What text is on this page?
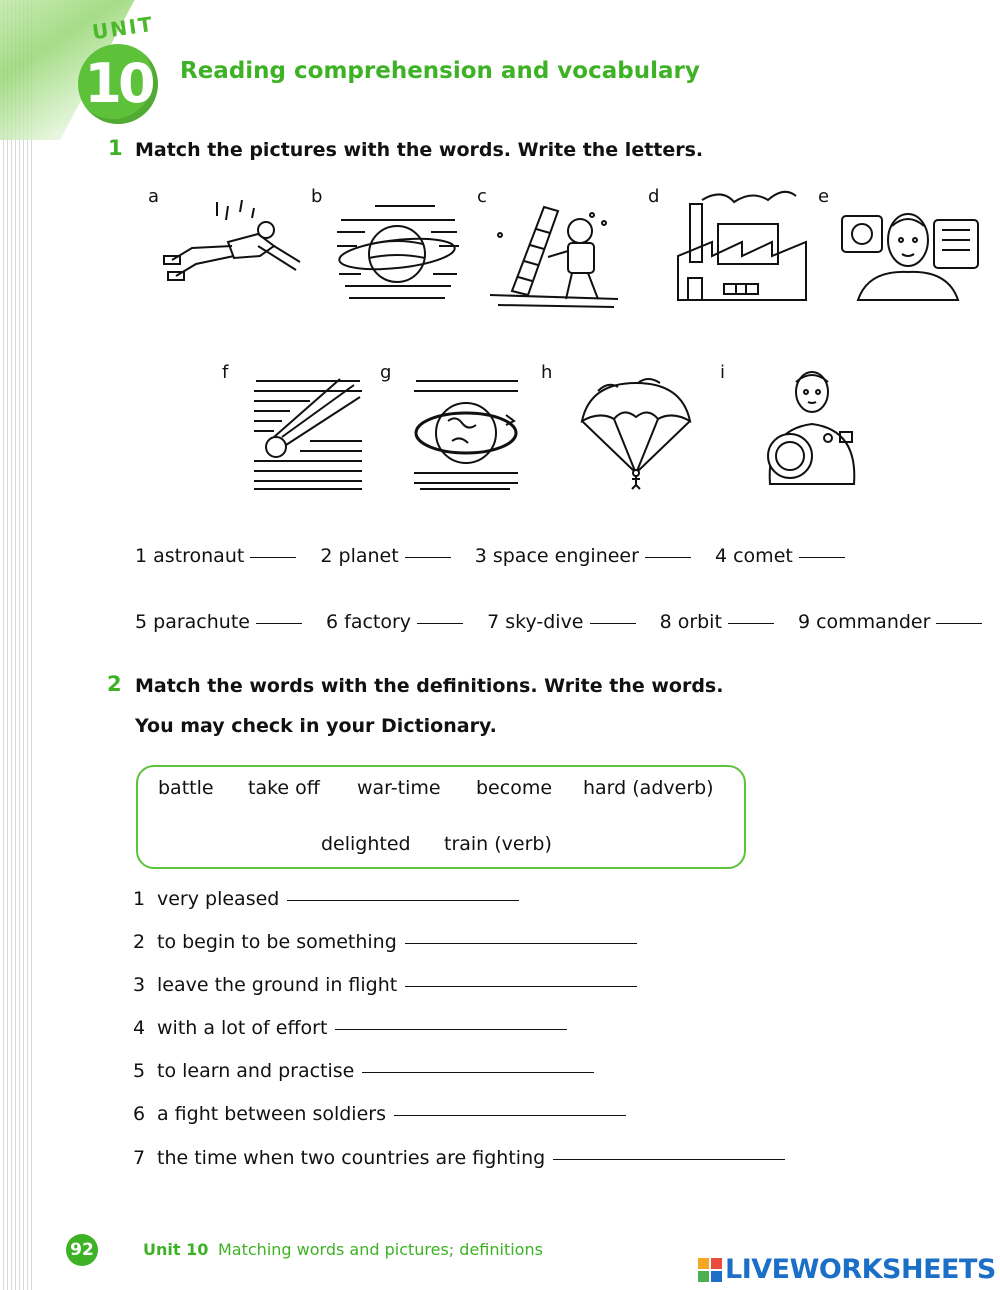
UNIT
10 Reading comprehension and vocabulary
1 Match the pictures with the words. Write the letters.
a	b	c	d	e
f	g	h	i
1 astronaut	2 planet	3 space engineer	4 comet
5 parachute	6 factory	7 sky-dive	8 orbit	9 commander
2 Match the words with the definitions. Write the words.
You may check in your Dictionary.
battle take off war-time become hard (adverb)
delighted train (verb)
1 very pleased
2 to begin to be something
3 leave the ground in flight
4 with a lot of effort
5 to learn and practise
6 a fight between soldiers
7 the time when two countries are fighting
92	Unit 10 Matching words and pictures; definitions
LIVEWORKSHEETS
